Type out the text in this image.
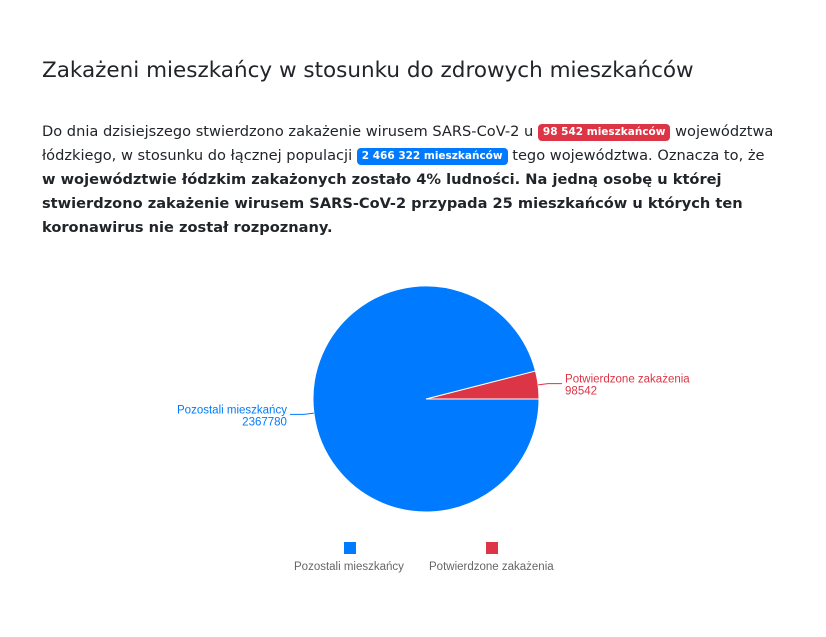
Zakażeni mieszkańcy w stosunku do zdrowych mieszkańców

Do dnia dzisiejszego stwierdzono zakażenie wirusem SARS-CoV-2 u 98 542 mieszkańców województwa łódzkiego, w stosunku do łącznej populacji 2 466 322 mieszkańców tego województwa. Oznacza to, że w województwie łódzkim zakażonych zostało 4% ludności. Na jedną osobę u której stwierdzono zakażenie wirusem SARS-CoV-2 przypada 25 mieszkańców u których ten koronawirus nie został rozpoznany.

Potwierdzone zakażenia
98542
Pozostali mieszkańcy
2367780
Pozostali mieszkańcy Potwierdzone zakażenia
